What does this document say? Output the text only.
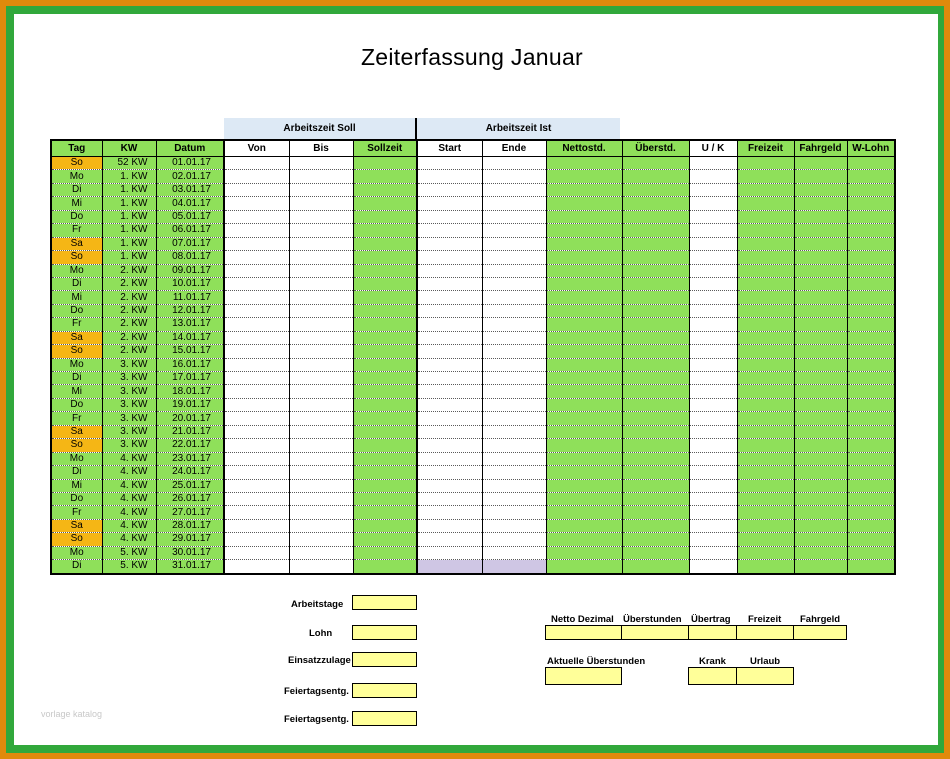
Zeiterfassung Januar
Arbeitszeit Soll	Arbeitszeit Ist
Tag	KW	Datum	Von	Bis	Sollzeit	Start	Ende	Nettostd.	Überstd.	U / K	Freizeit	Fahrgeld	W-Lohn
So	52 KW	01.01.17											
Mo	1. KW	02.01.17											
Di	1. KW	03.01.17											
Mi	1. KW	04.01.17											
Do	1. KW	05.01.17											
Fr	1. KW	06.01.17											
Sa	1. KW	07.01.17											
So	1. KW	08.01.17											
Mo	2. KW	09.01.17											
Di	2. KW	10.01.17											
Mi	2. KW	11.01.17											
Do	2. KW	12.01.17											
Fr	2. KW	13.01.17											
Sa	2. KW	14.01.17											
So	2. KW	15.01.17											
Mo	3. KW	16.01.17											
Di	3. KW	17.01.17											
Mi	3. KW	18.01.17											
Do	3. KW	19.01.17											
Fr	3. KW	20.01.17											
Sa	3. KW	21.01.17											
So	3. KW	22.01.17											
Mo	4. KW	23.01.17											
Di	4. KW	24.01.17											
Mi	4. KW	25.01.17											
Do	4. KW	26.01.17											
Fr	4. KW	27.01.17											
Sa	4. KW	28.01.17											
So	4. KW	29.01.17											
Mo	5. KW	30.01.17											
Di	5. KW	31.01.17											
Arbeitstage
Lohn
Einsatzzulage
Feiertagsentg.
Feiertagsentg.
Netto Dezimal Überstunden Übertrag Freizeit Fahrgeld
Aktuelle Überstunden	Krank	Urlaub
vorlage katalog
